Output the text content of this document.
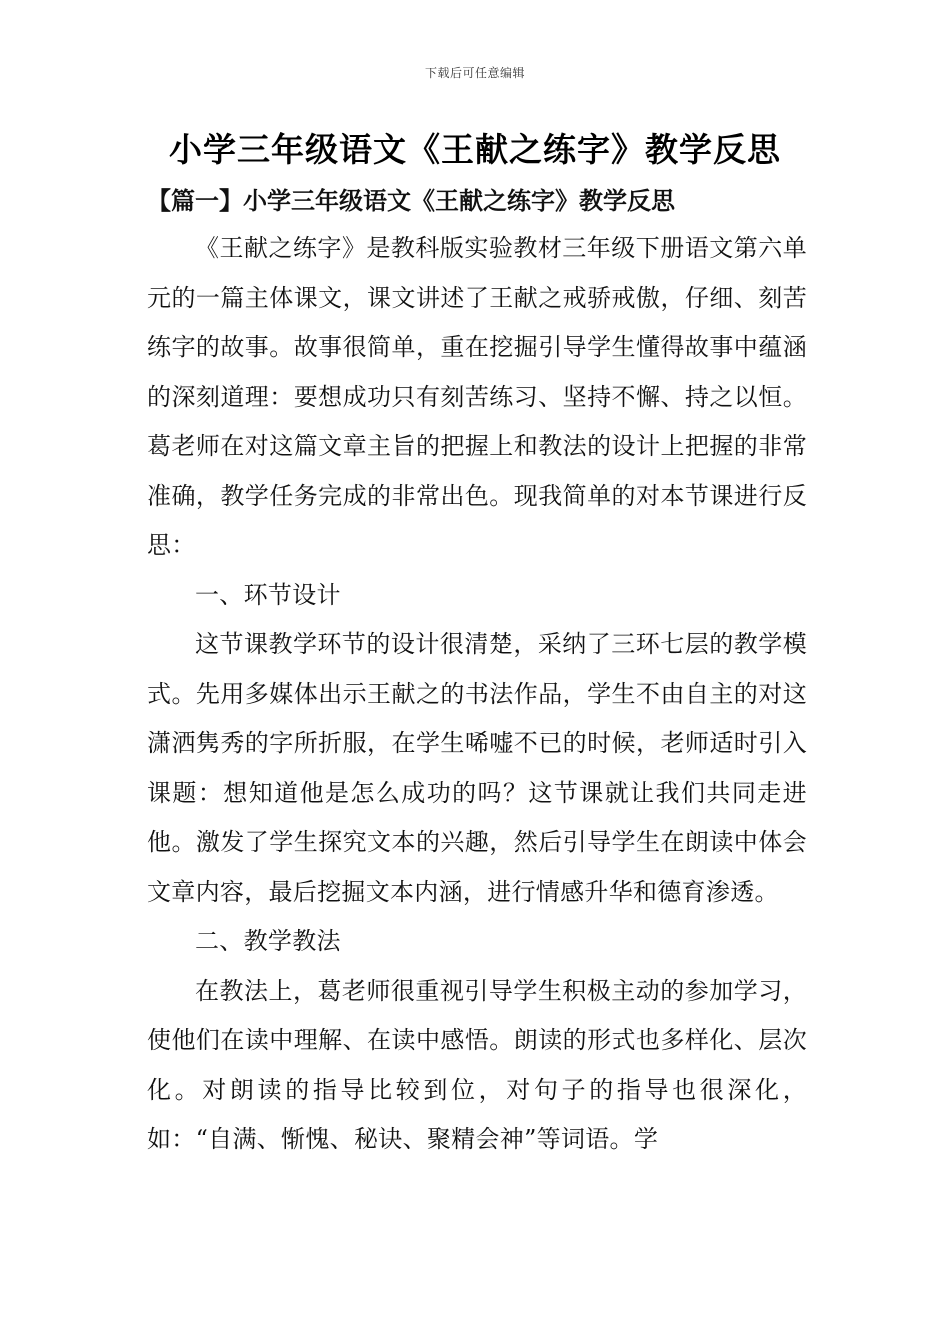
下载后可任意编辑
小学三年级语文《王献之练字》教学反思
【篇一】小学三年级语文《王献之练字》教学反思

《王献之练字》是教科版实验教材三年级下册语文第六单元的一篇主体课文，课文讲述了王献之戒骄戒傲，仔细、刻苦练字的故事。故事很简单，重在挖掘引导学生懂得故事中蕴涵的深刻道理：要想成功只有刻苦练习、坚持不懈、持之以恒。葛老师在对这篇文章主旨的把握上和教法的设计上把握的非常准确，教学任务完成的非常出色。现我简单的对本节课进行反思：

一、环节设计

这节课教学环节的设计很清楚，采纳了三环七层的教学模式。先用多媒体出示王献之的书法作品，学生不由自主的对这潇洒隽秀的字所折服，在学生唏嘘不已的时候，老师适时引入课题：想知道他是怎么成功的吗？这节课就让我们共同走进他。激发了学生探究文本的兴趣，然后引导学生在朗读中体会文章内容，最后挖掘文本内涵，进行情感升华和德育渗透。

二、教学教法

在教法上，葛老师很重视引导学生积极主动的参加学习，使他们在读中理解、在读中感悟。朗读的形式也多样化、层次化。对朗读的指导比较到位，对句子的指导也很深化，如：“自满、惭愧、秘诀、聚精会神”等词语。学
